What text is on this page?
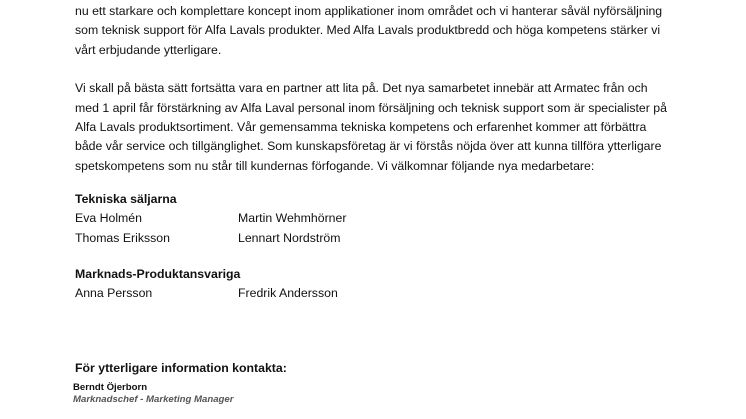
nu ett starkare och komplettare koncept inom applikationer inom området och vi hanterar såväl nyförsäljning
som teknisk support för Alfa Lavals produkter. Med Alfa Lavals produktbredd och höga kompetens stärker vi
vårt erbjudande ytterligare.

Vi skall på bästa sätt fortsätta vara en partner att lita på. Det nya samarbetet innebär att Armatec från och
med 1 april får förstärkning av Alfa Laval personal inom försäljning och teknisk support som är specialister på
Alfa Lavals produktsortiment. Vår gemensamma tekniska kompetens och erfarenhet kommer att förbättra
både vår service och tillgänglighet. Som kunskapsföretag är vi förstås nöjda över att kunna tillföra ytterligare
spetskompetens som nu står till kundernas förfogande. Vi välkomnar följande nya medarbetare:

Tekniska säljarna

Eva Holmén	Martin Wehmhörner
Thomas Eriksson	Lennart Nordström

Marknads-Produktansvariga

Anna Persson	Fredrik Andersson
För ytterligare information kontakta:
Berndt Öjerborn
Marknadschef - Marketing Manager
